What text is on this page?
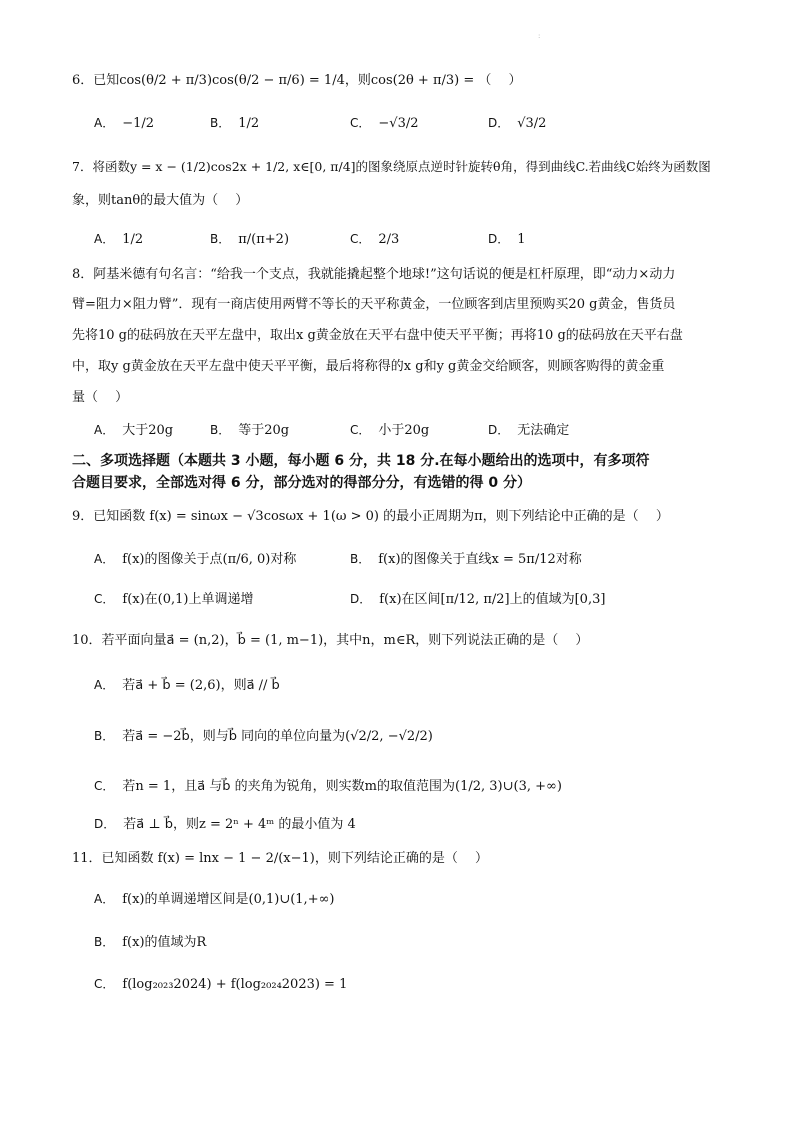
:
6．已知cos(θ/2 + π/3)cos(θ/2 − π/6) = 1/4，则cos(2θ + π/3) = （　 ）
A． −1/2	B． 1/2	C． −√3/2	D． √3/2
7．将函数y = x − (1/2)cos2x + 1/2, x∈[0, π/4]的图象绕原点逆时针旋转θ角，得到曲线C.若曲线C始终为函数图
象，则tanθ的最大值为（　 ）
A． 1/2	B． π/(π+2)	C． 2/3	D． 1
8．阿基米德有句名言：“给我一个支点，我就能撬起整个地球!”这句话说的便是杠杆原理，即“动力×动力
臂=阻力×阻力臂”．现有一商店使用两臂不等长的天平称黄金，一位顾客到店里预购买20 g黄金，售货员
先将10 g的砝码放在天平左盘中，取出x g黄金放在天平右盘中使天平平衡；再将10 g的砝码放在天平右盘
中，取y g黄金放在天平左盘中使天平平衡，最后将称得的x g和y g黄金交给顾客，则顾客购得的黄金重
量（　 ）
A． 大于20g	B． 等于20g	C． 小于20g	D． 无法确定
二、多项选择题（本题共 3 小题，每小题 6 分，共 18 分.在每小题给出的选项中，有多项符
合题目要求，全部选对得 6 分，部分选对的得部分分，有选错的得 0 分）
9．已知函数 f(x) = sinωx − √3cosωx + 1(ω > 0) 的最小正周期为π，则下列结论中正确的是（　 ）
A． f(x)的图像关于点(π/6, 0)对称	B． f(x)的图像关于直线x = 5π/12对称
C． f(x)在(0,1)上单调递增	D． f(x)在区间[π/12, π/2]上的值域为[0,3]
10．若平面向量a⃗ = (n,2)，b⃗ = (1, m−1)，其中n，m∈R，则下列说法正确的是（　 ）
A． 若a⃗ + b⃗ = (2,6)，则a⃗ // b⃗
B． 若a⃗ = −2b⃗，则与b⃗ 同向的单位向量为(√2/2, −√2/2)
C． 若n = 1，且a⃗ 与b⃗ 的夹角为锐角，则实数m的取值范围为(1/2, 3)∪(3, +∞)
D． 若a⃗ ⊥ b⃗，则z = 2ⁿ + 4ᵐ 的最小值为 4
11．已知函数 f(x) = lnx − 1 − 2/(x−1)，则下列结论正确的是（　 ）
A． f(x)的单调递增区间是(0,1)∪(1,+∞)
B． f(x)的值域为R
C． f(log₂₀₂₃2024) + f(log₂₀₂₄2023) = 1
